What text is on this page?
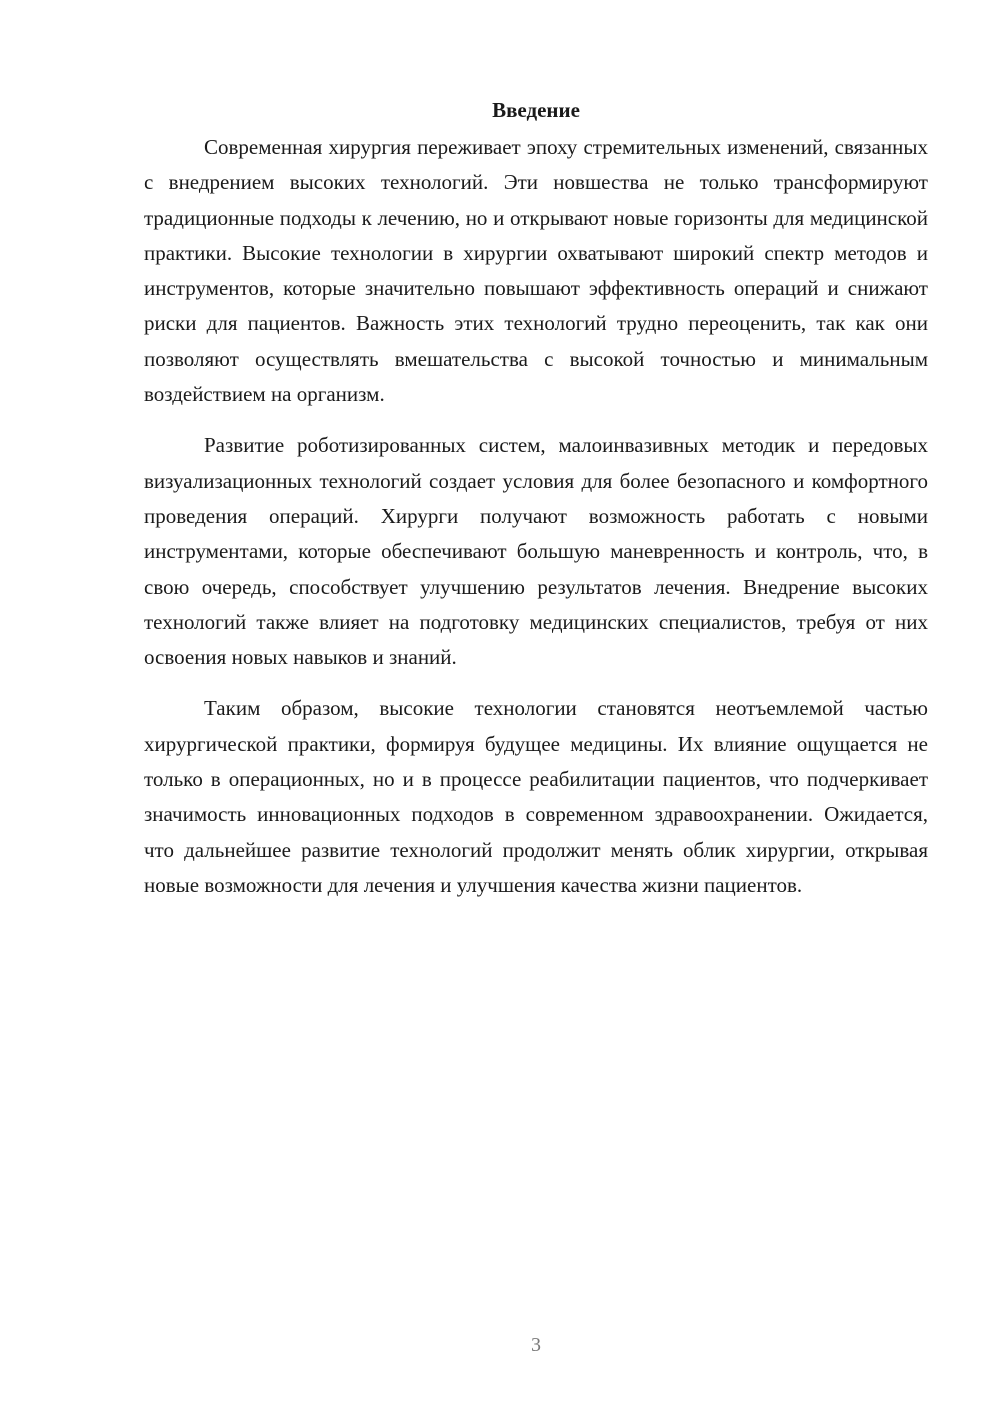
Введение

Современная хирургия переживает эпоху стремительных изменений, связанных с внедрением высоких технологий. Эти новшества не только трансформируют традиционные подходы к лечению, но и открывают новые горизонты для медицинской практики. Высокие технологии в хирургии охватывают широкий спектр методов и инструментов, которые значительно повышают эффективность операций и снижают риски для пациентов. Важность этих технологий трудно переоценить, так как они позволяют осуществлять вмешательства с высокой точностью и минимальным воздействием на организм.

Развитие роботизированных систем, малоинвазивных методик и передовых визуализационных технологий создает условия для более безопасного и комфортного проведения операций. Хирурги получают возможность работать с новыми инструментами, которые обеспечивают большую маневренность и контроль, что, в свою очередь, способствует улучшению результатов лечения. Внедрение высоких технологий также влияет на подготовку медицинских специалистов, требуя от них освоения новых навыков и знаний.

Таким образом, высокие технологии становятся неотъемлемой частью хирургической практики, формируя будущее медицины. Их влияние ощущается не только в операционных, но и в процессе реабилитации пациентов, что подчеркивает значимость инновационных подходов в современном здравоохранении. Ожидается, что дальнейшее развитие технологий продолжит менять облик хирургии, открывая новые возможности для лечения и улучшения качества жизни пациентов.

3
